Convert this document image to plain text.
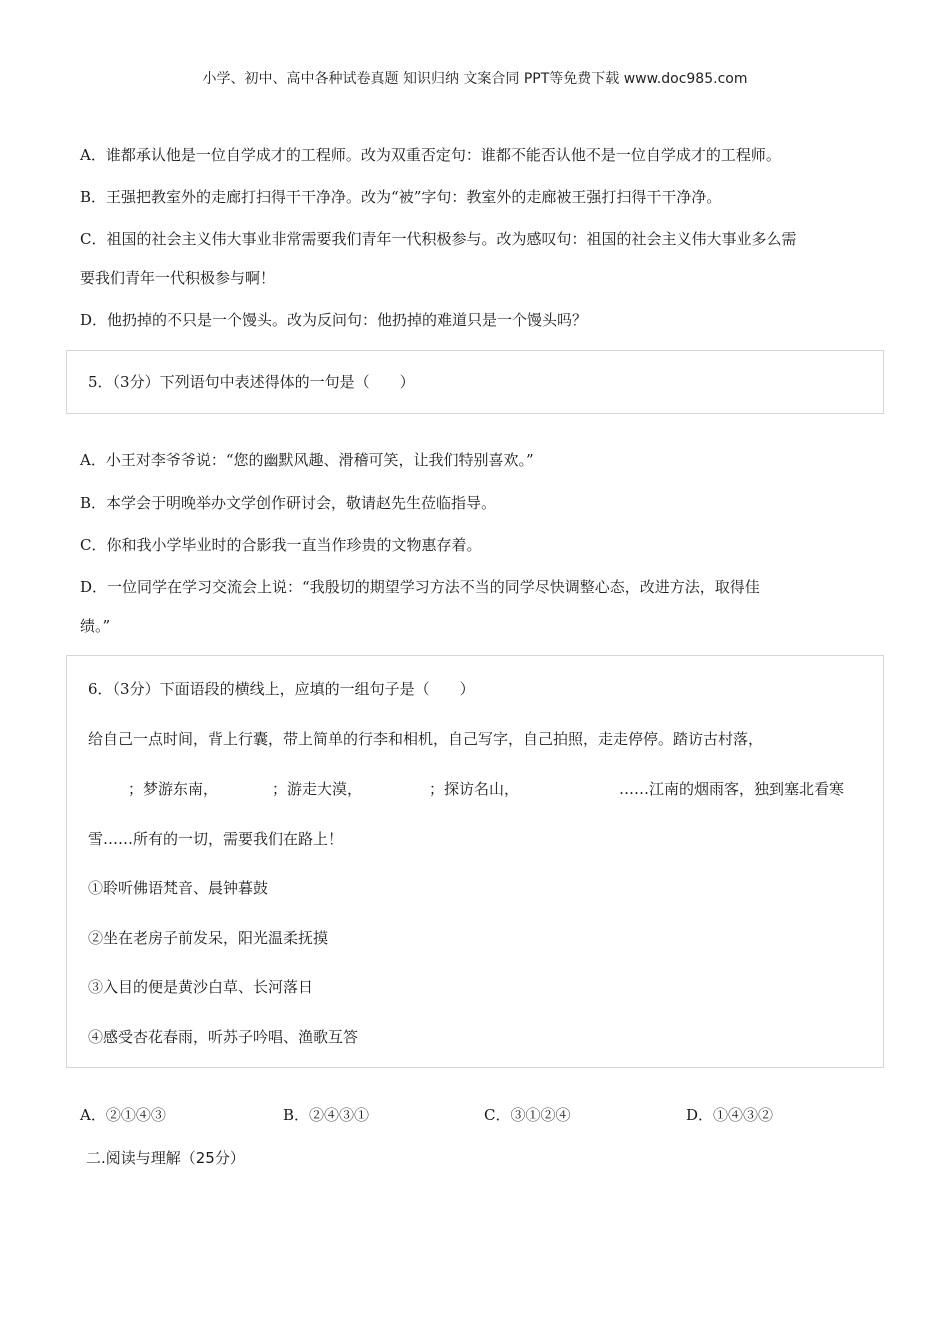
小学、初中、高中各种试卷真题 知识归纳 文案合同 PPT等免费下载 www.doc985.com
A．谁都承认他是一位自学成才的工程师。改为双重否定句：谁都不能否认他不是一位自学成才的工程师。
B．王强把教室外的走廊打扫得干干净净。改为“被”字句：教室外的走廊被王强打扫得干干净净。
C．祖国的社会主义伟大事业非常需要我们青年一代积极参与。改为感叹句：祖国的社会主义伟大事业多么需
要我们青年一代积极参与啊！
D．他扔掉的不只是一个馒头。改为反问句：他扔掉的难道只是一个馒头吗？
5．（3分）下列语句中表述得体的一句是（　　）
A．小王对李爷爷说：“您的幽默风趣、滑稽可笑，让我们特别喜欢。”
B．本学会于明晚举办文学创作研讨会，敬请赵先生莅临指导。
C．你和我小学毕业时的合影我一直当作珍贵的文物惠存着。
D．一位同学在学习交流会上说：“我殷切的期望学习方法不当的同学尽快调整心态，改进方法，取得佳
绩。”
6．（3分）下面语段的横线上，应填的一组句子是（　　）
给自己一点时间，背上行囊，带上简单的行李和相机，自己写字，自己拍照，走走停停。踏访古村落，
；梦游东南，	；游走大漠，	；探访名山，	……江南的烟雨客，独到塞北看寒
雪……所有的一切，需要我们在路上！
①聆听佛语梵音、晨钟暮鼓
②坐在老房子前发呆，阳光温柔抚摸
③入目的便是黄沙白草、长河落日
④感受杏花春雨，听苏子吟唱、渔歌互答
A．②①④③	B．②④③①	C．③①②④	D．①④③②
二.阅读与理解（25分）
